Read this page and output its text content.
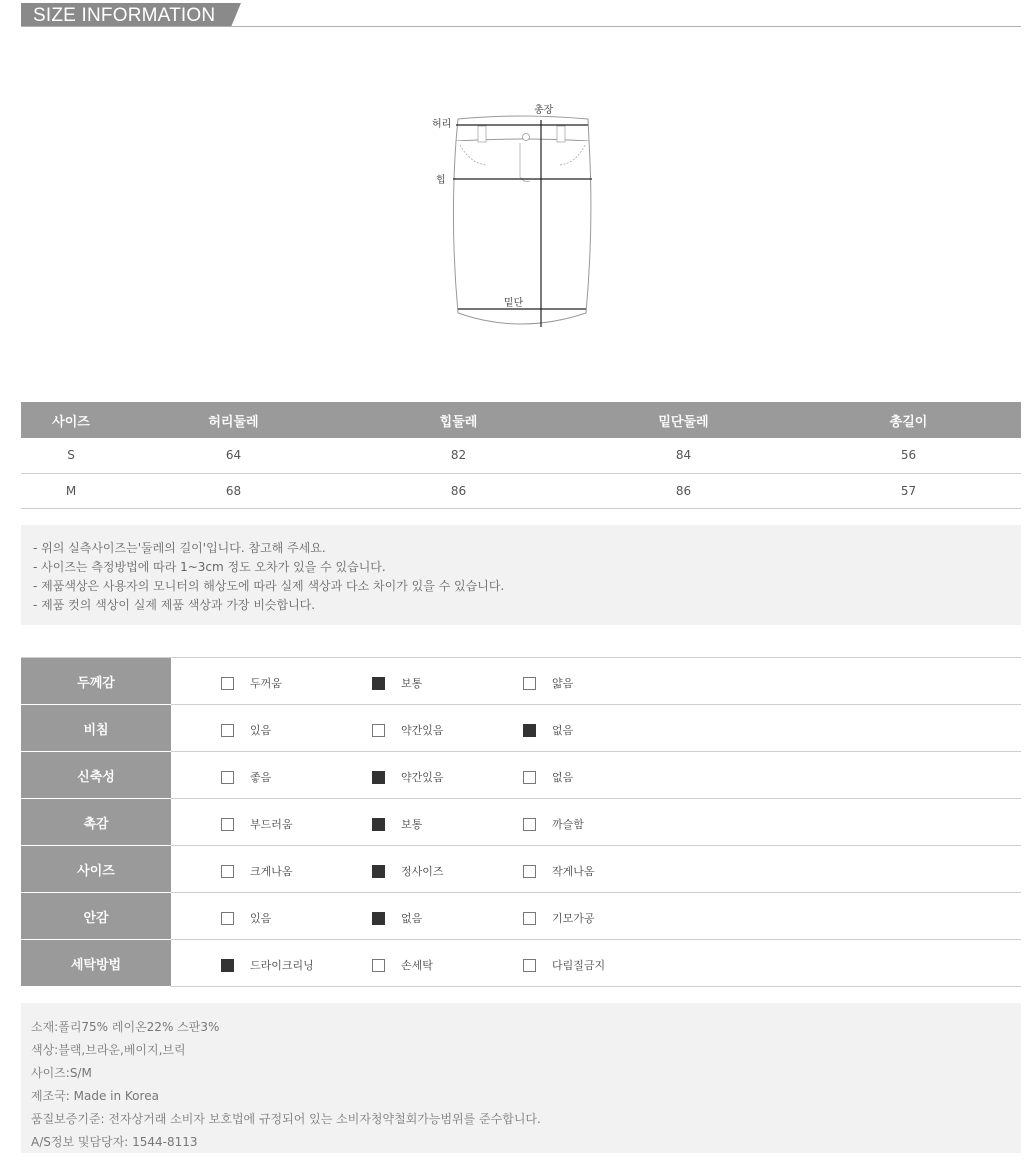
SIZE INFORMATION
허리
총장
힙
밑단
사이즈	허리둘레	힙둘레	밑단둘레	총길이
S	64	82	84	56
M	68	86	86	57

- 위의 실측사이즈는'둘레의 길이'입니다. 참고해 주세요.

- 사이즈는 측정방법에 따라 1~3cm 정도 오차가 있을 수 있습니다.

- 제품색상은 사용자의 모니터의 해상도에 따라 실제 색상과 다소 차이가 있을 수 있습니다.

- 제품 컷의 색상이 실제 제품 색상과 가장 비슷합니다.

두께감	두꺼움 보통 얇음

비침	있음 약간있음 없음

신축성	좋음 약간있음 없음

촉감	부드러움 보통 까슬함

사이즈	크게나옴 정사이즈 작게나옴

안감	있음 없음 기모가공

세탁방법	드라이크리닝 손세탁 다림질금지

소재:폴리75% 레이온22% 스판3%

색상:블랙,브라운,베이지,브릭

사이즈:S/M

제조국: Made in Korea

품질보증기준: 전자상거래 소비자 보호법에 규정되어 있는 소비자청약철회가능범위를 준수합니다.

A/S정보 및담당자: 1544-8113
